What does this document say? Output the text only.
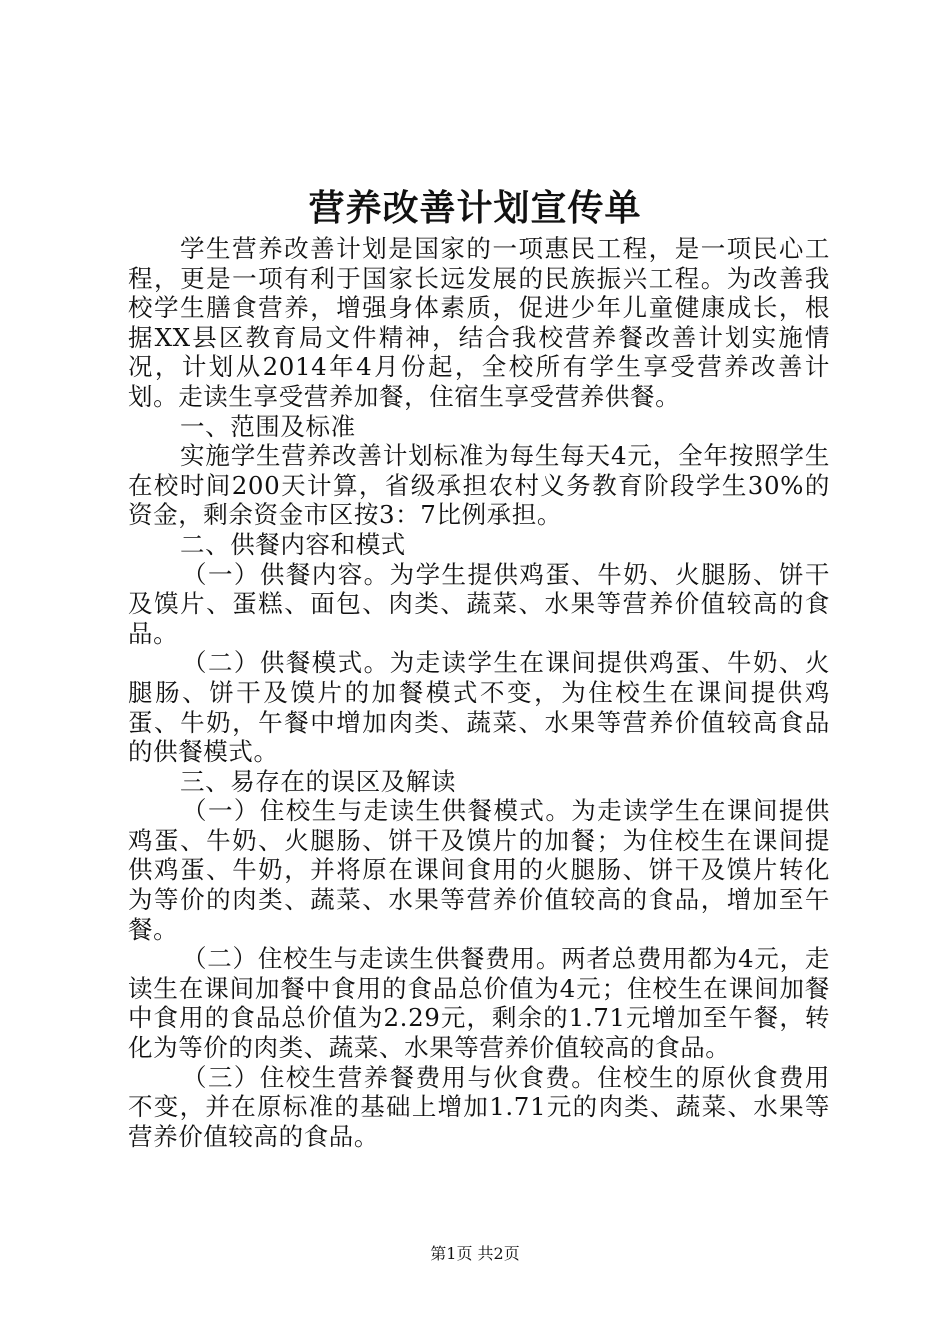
营养改善计划宣传单

学生营养改善计划是国家的一项惠民工程，是一项民心工程，更是一项有利于国家长远发展的民族振兴工程。为改善我校学生膳食营养，增强身体素质，促进少年儿童健康成长，根据XX县区教育局文件精神，结合我校营养餐改善计划实施情况，计划从2014年4月份起，全校所有学生享受营养改善计划。走读生享受营养加餐，住宿生享受营养供餐。

一、范围及标准

实施学生营养改善计划标准为每生每天4元，全年按照学生在校时间200天计算，省级承担农村义务教育阶段学生30%的资金，剩余资金市区按3：7比例承担。

二、供餐内容和模式

（一）供餐内容。为学生提供鸡蛋、牛奶、火腿肠、饼干及馍片、蛋糕、面包、肉类、蔬菜、水果等营养价值较高的食品。

（二）供餐模式。为走读学生在课间提供鸡蛋、牛奶、火腿肠、饼干及馍片的加餐模式不变，为住校生在课间提供鸡蛋、牛奶，午餐中增加肉类、蔬菜、水果等营养价值较高食品的供餐模式。

三、易存在的误区及解读

（一）住校生与走读生供餐模式。为走读学生在课间提供鸡蛋、牛奶、火腿肠、饼干及馍片的加餐；为住校生在课间提供鸡蛋、牛奶，并将原在课间食用的火腿肠、饼干及馍片转化为等价的肉类、蔬菜、水果等营养价值较高的食品，增加至午餐。

（二）住校生与走读生供餐费用。两者总费用都为4元，走读生在课间加餐中食用的食品总价值为4元；住校生在课间加餐中食用的食品总价值为2.29元，剩余的1.71元增加至午餐，转化为等价的肉类、蔬菜、水果等营养价值较高的食品。

（三）住校生营养餐费用与伙食费。住校生的原伙食费用不变，并在原标准的基础上增加1.71元的肉类、蔬菜、水果等营养价值较高的食品。

第1页 共2页
